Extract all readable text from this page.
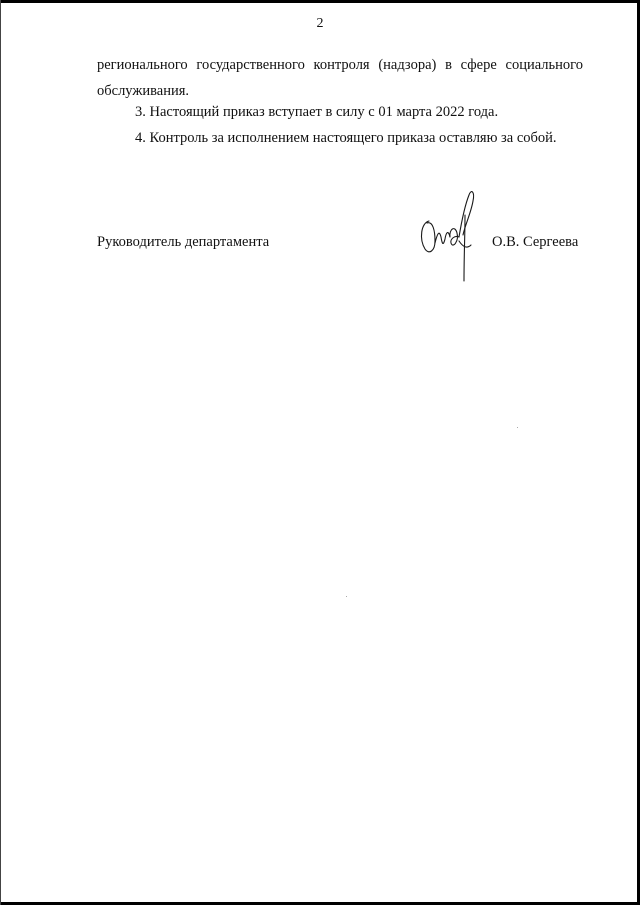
2
регионального государственного контроля (надзора) в сфере социального обслуживания.
3. Настоящий приказ вступает в силу с 01 марта 2022 года.
4. Контроль за исполнением настоящего приказа оставляю за собой.
Руководитель департамента	О.В. Сергеева
